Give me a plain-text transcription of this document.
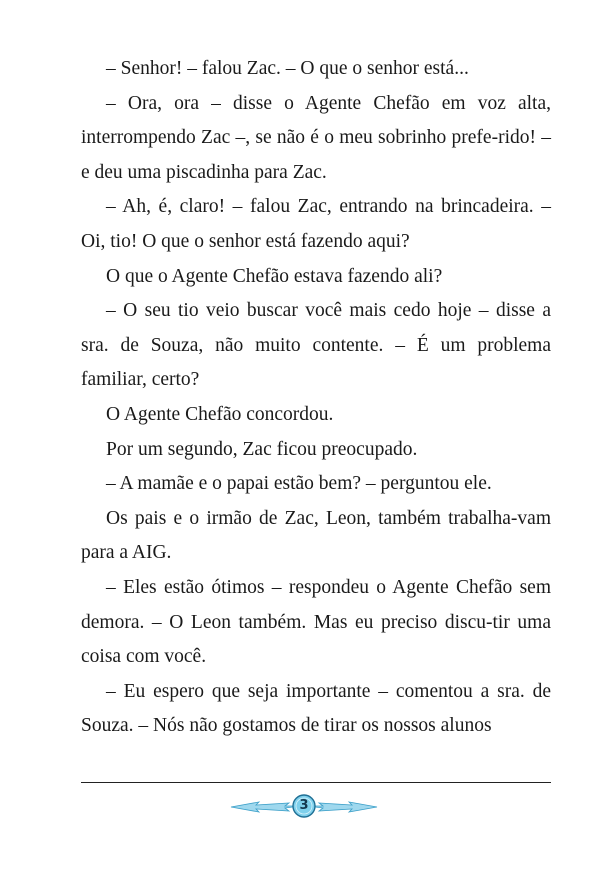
– Senhor! – falou Zac. – O que o senhor está...

– Ora, ora – disse o Agente Chefão em voz alta, interrompendo Zac –, se não é o meu sobrinho prefe-rido! – e deu uma piscadinha para Zac.

– Ah, é, claro! – falou Zac, entrando na brincadeira. – Oi, tio! O que o senhor está fazendo aqui?

O que o Agente Chefão estava fazendo ali?

– O seu tio veio buscar você mais cedo hoje – disse a sra. de Souza, não muito contente. – É um problema familiar, certo?

O Agente Chefão concordou.

Por um segundo, Zac ficou preocupado.

– A mamãe e o papai estão bem? – perguntou ele.

Os pais e o irmão de Zac, Leon, também trabalha-vam para a AIG.

– Eles estão ótimos – respondeu o Agente Chefão sem demora. – O Leon também. Mas eu preciso discu-tir uma coisa com você.

– Eu espero que seja importante – comentou a sra. de Souza. – Nós não gostamos de tirar os nossos alunos

3
